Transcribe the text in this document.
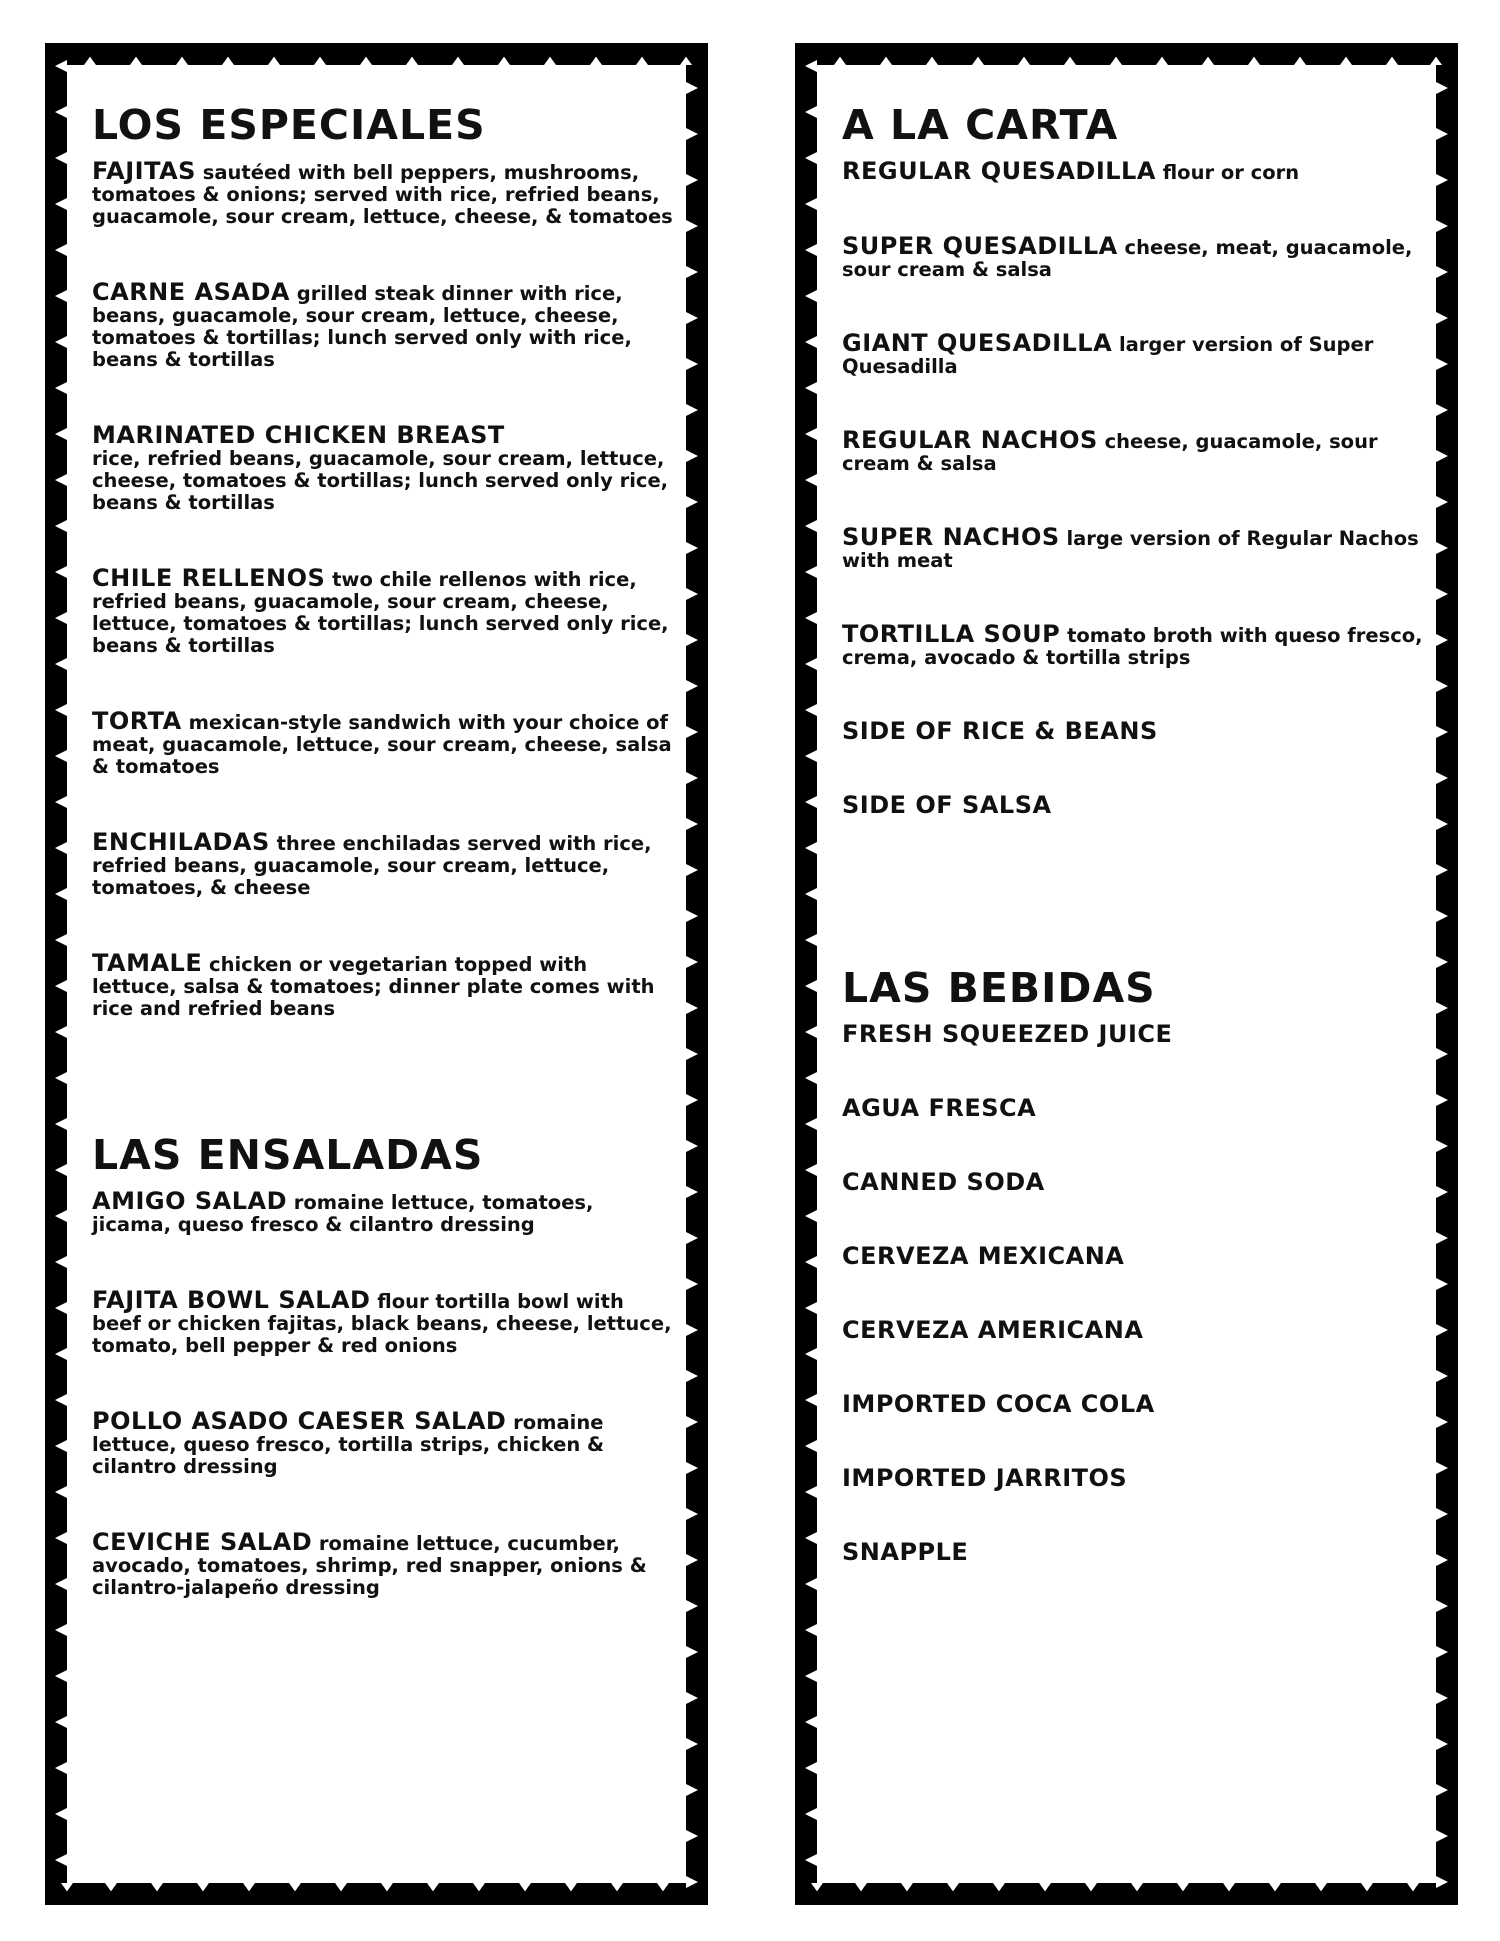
LOS ESPECIALES
FAJITAS sautéed with bell peppers, mushrooms, tomatoes & onions; served with rice, refried beans, guacamole, sour cream, lettuce, cheese, & tomatoes
CARNE ASADA grilled steak dinner with rice, beans, guacamole, sour cream, lettuce, cheese, tomatoes & tortillas; lunch served only with rice, beans & tortillas
MARINATED CHICKEN BREAST
rice, refried beans, guacamole, sour cream, lettuce, cheese, tomatoes & tortillas; lunch served only rice, beans & tortillas
CHILE RELLENOS two chile rellenos with rice, refried beans, guacamole, sour cream, cheese, lettuce, tomatoes & tortillas; lunch served only rice, beans & tortillas
TORTA mexican-style sandwich with your choice of meat, guacamole, lettuce, sour cream, cheese, salsa & tomatoes
ENCHILADAS three enchiladas served with rice, refried beans, guacamole, sour cream, lettuce, tomatoes, & cheese
TAMALE chicken or vegetarian topped with lettuce, salsa & tomatoes; dinner plate comes with rice and refried beans
LAS ENSALADAS
AMIGO SALAD romaine lettuce, tomatoes, jicama, queso fresco & cilantro dressing
FAJITA BOWL SALAD flour tortilla bowl with beef or chicken fajitas, black beans, cheese, lettuce, tomato, bell pepper & red onions
POLLO ASADO CAESER SALAD romaine lettuce, queso fresco, tortilla strips, chicken & cilantro dressing
CEVICHE SALAD romaine lettuce, cucumber, avocado, tomatoes, shrimp, red snapper, onions & cilantro-jalapeño dressing
A LA CARTA
REGULAR QUESADILLA flour or corn
SUPER QUESADILLA cheese, meat, guacamole, sour cream & salsa
GIANT QUESADILLA larger version of Super Quesadilla
REGULAR NACHOS cheese, guacamole, sour cream & salsa
SUPER NACHOS large version of Regular Nachos with meat
TORTILLA SOUP tomato broth with queso fresco, crema, avocado & tortilla strips
SIDE OF RICE & BEANS
SIDE OF SALSA
LAS BEBIDAS
FRESH SQUEEZED JUICE
AGUA FRESCA
CANNED SODA
CERVEZA MEXICANA
CERVEZA AMERICANA
IMPORTED COCA COLA
IMPORTED JARRITOS
SNAPPLE
